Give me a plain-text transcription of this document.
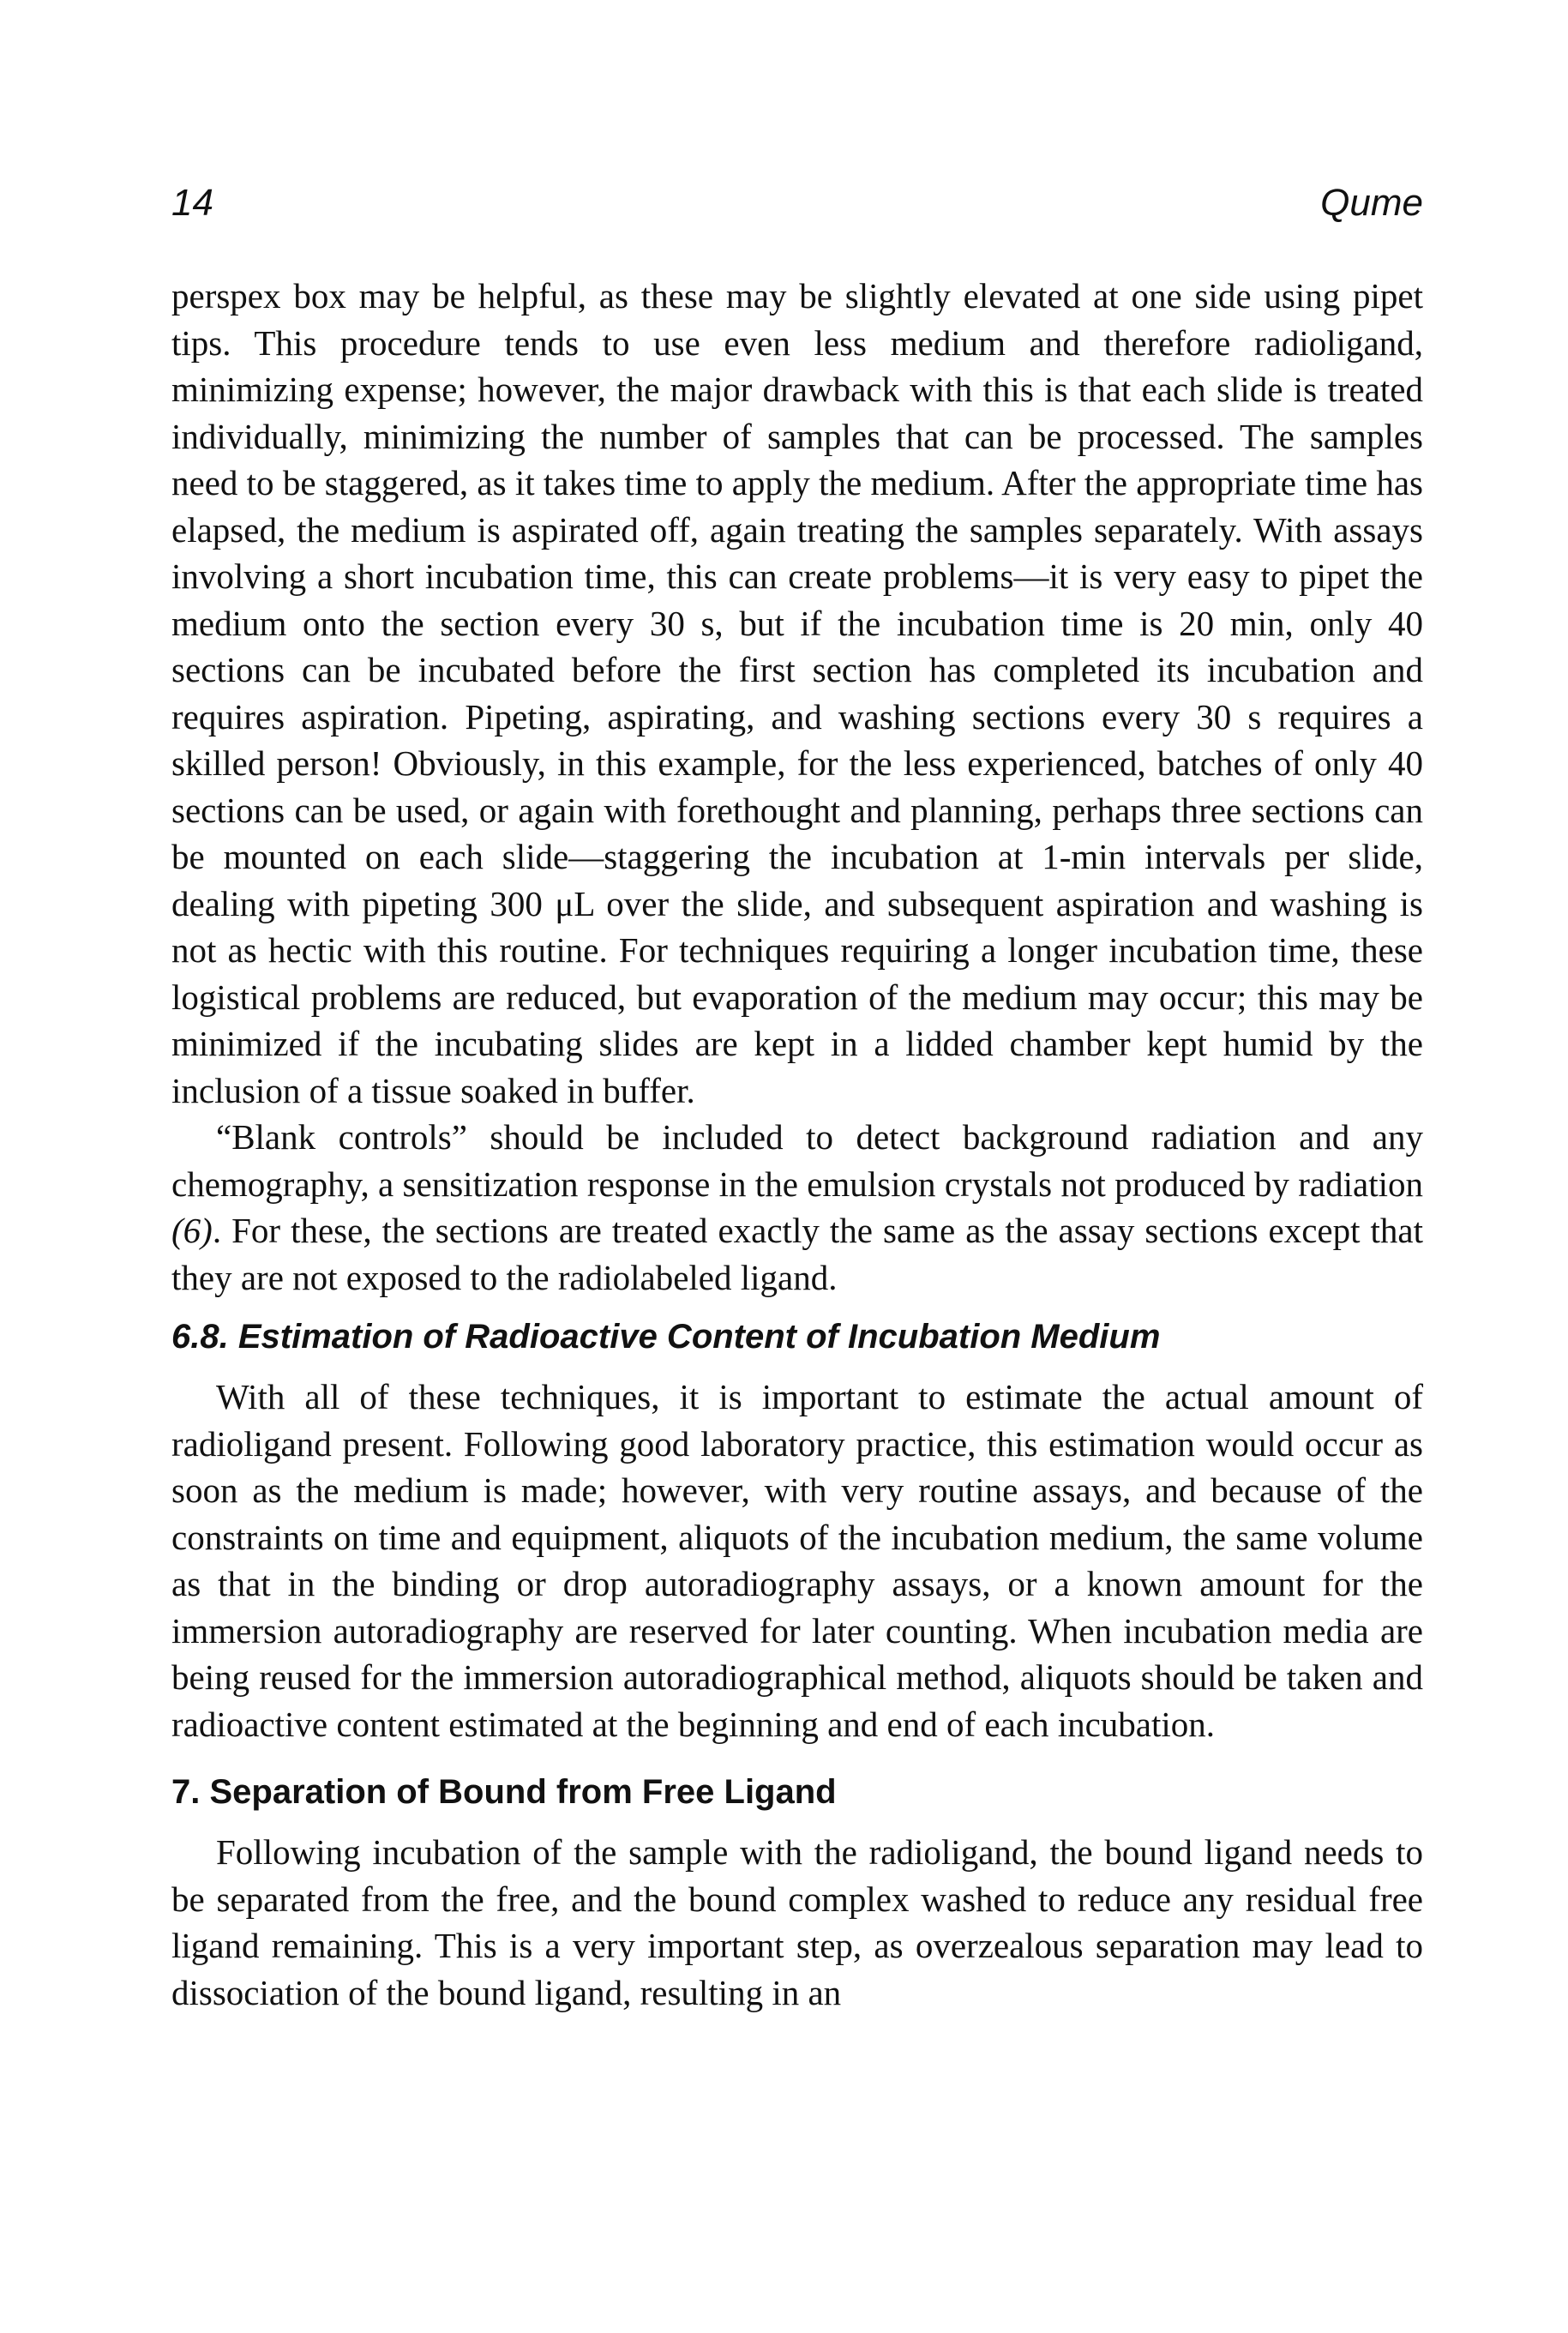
14	Qume

perspex box may be helpful, as these may be slightly elevated at one side using pipet tips. This procedure tends to use even less medium and therefore radioligand, minimizing expense; however, the major drawback with this is that each slide is treated individually, minimizing the number of samples that can be processed. The samples need to be staggered, as it takes time to apply the medium. After the appropriate time has elapsed, the medium is aspirated off, again treating the samples separately. With assays involving a short incubation time, this can create problems—it is very easy to pipet the medium onto the section every 30 s, but if the incubation time is 20 min, only 40 sections can be incubated before the first section has completed its incubation and requires aspiration. Pipeting, aspirating, and washing sections every 30 s requires a skilled person! Obviously, in this example, for the less experienced, batches of only 40 sections can be used, or again with forethought and planning, perhaps three sections can be mounted on each slide—staggering the incubation at 1-min intervals per slide, dealing with pipeting 300 μL over the slide, and subsequent aspiration and washing is not as hectic with this routine. For techniques requiring a longer incubation time, these logistical problems are reduced, but evaporation of the medium may occur; this may be minimized if the incubating slides are kept in a lidded chamber kept humid by the inclusion of a tissue soaked in buffer.

“Blank controls” should be included to detect background radiation and any chemography, a sensitization response in the emulsion crystals not produced by radiation (6). For these, the sections are treated exactly the same as the assay sections except that they are not exposed to the radiolabeled ligand.

6.8. Estimation of Radioactive Content of Incubation Medium

With all of these techniques, it is important to estimate the actual amount of radioligand present. Following good laboratory practice, this estimation would occur as soon as the medium is made; however, with very routine assays, and because of the constraints on time and equipment, aliquots of the incubation medium, the same volume as that in the binding or drop autoradiography assays, or a known amount for the immersion autoradiography are reserved for later counting. When incubation media are being reused for the immersion autoradiographical method, aliquots should be taken and radioactive content estimated at the beginning and end of each incubation.

7. Separation of Bound from Free Ligand

Following incubation of the sample with the radioligand, the bound ligand needs to be separated from the free, and the bound complex washed to reduce any residual free ligand remaining. This is a very important step, as overzealous separation may lead to dissociation of the bound ligand, resulting in an
